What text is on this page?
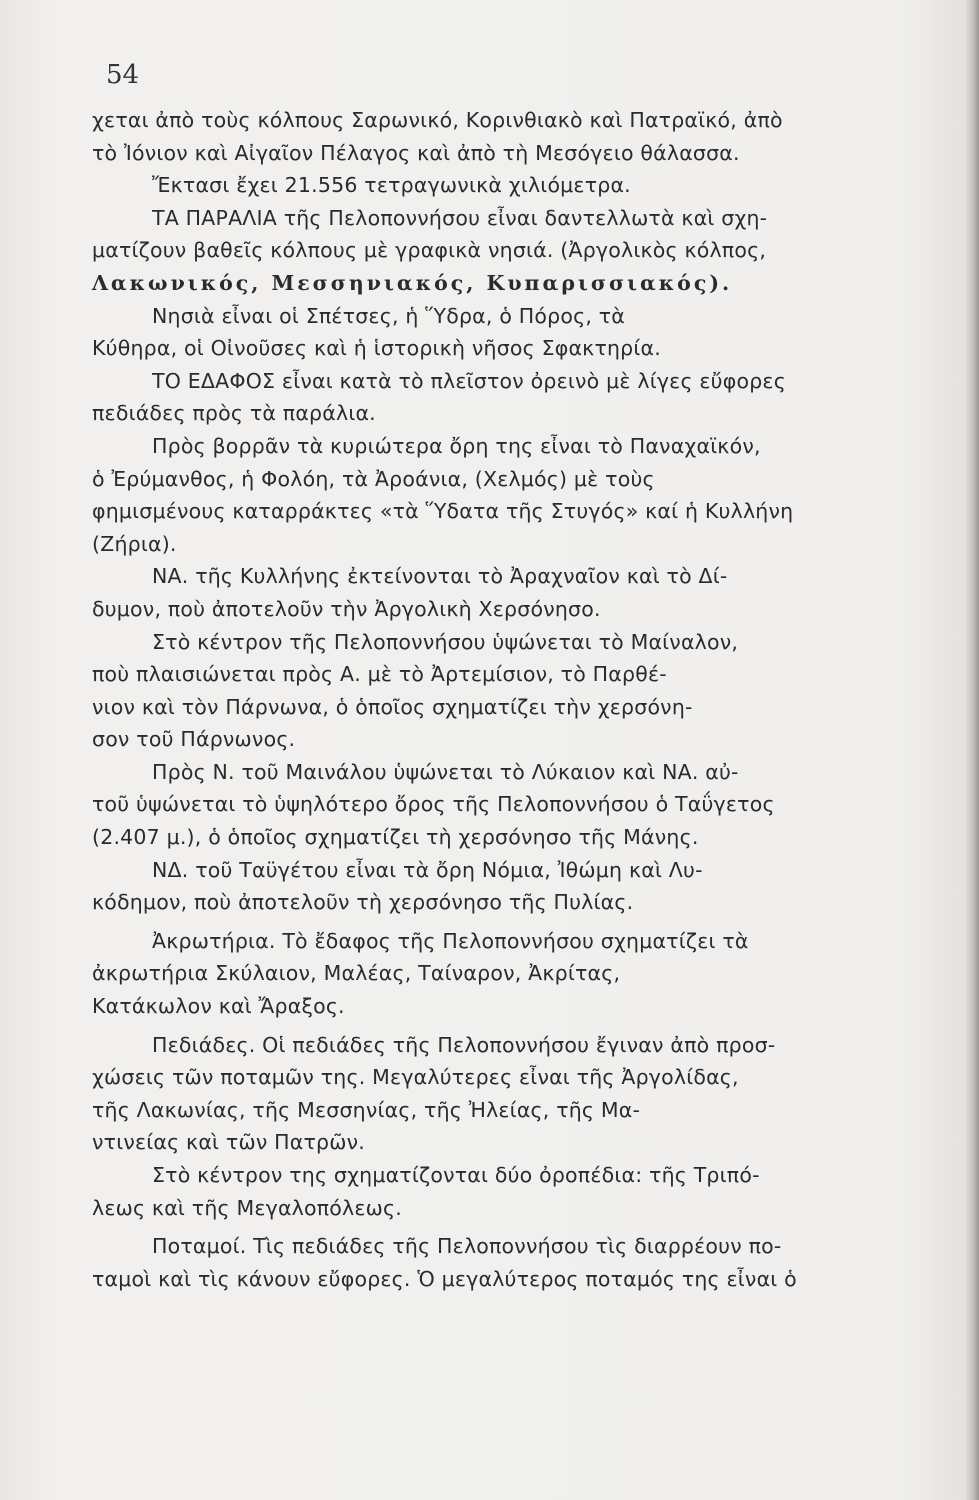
54
χεται ἀπὸ τοὺς κόλπους Σαρωνικό, Κορινθιακὸ καὶ Πατραϊκό, ἀπὸ
τὸ Ἰόνιον καὶ Αἰγαῖον Πέλαγος καὶ ἀπὸ τὴ Μεσόγειο θάλασσα.
Ἔκτασι ἔχει 21.556 τετραγωνικὰ χιλιόμετρα.
ΤΑ ΠΑΡΑΛΙΑ τῆς Πελοποννήσου εἶναι δαντελλωτὰ καὶ σχη-
ματίζουν βαθεῖς κόλπους μὲ γραφικὰ νησιά. (Ἀργολικὸς κόλπος,
Λακωνικός, Μεσσηνιακός, Κυπαρισσιακός).
Νησιὰ εἶναι οἱ Σπέτσες, ἡ Ὕδρα, ὁ Πόρος, τὰ
Κύθηρα, οἱ Οἰνοῦσες καὶ ἡ ἱστορικὴ νῆσος Σφακτηρία.
ΤΟ ΕΔΑΦΟΣ εἶναι κατὰ τὸ πλεῖστον ὀρεινὸ μὲ λίγες εὔφορες
πεδιάδες πρὸς τὰ παράλια.
Πρὸς βορρᾶν τὰ κυριώτερα ὄρη της εἶναι τὸ Παναχαϊκόν,
ὁ Ἐρύμανθος, ἡ Φολόη, τὰ Ἀροάνια, (Χελμός) μὲ τοὺς
φημισμένους καταρράκτες «τὰ Ὕδατα τῆς Στυγός» καί ἡ Κυλλήνη
(Ζήρια).
ΝΑ. τῆς Κυλλήνης ἐκτείνονται τὸ Ἀραχναῖον καὶ τὸ Δί-
δυμον, ποὺ ἀποτελοῦν τὴν Ἀργολικὴ Χερσόνησο.
Στὸ κέντρον τῆς Πελοποννήσου ὑψώνεται τὸ Μαίναλον,
ποὺ πλαισιώνεται πρὸς Α. μὲ τὸ Ἀρτεμίσιον, τὸ Παρθέ-
νιον καὶ τὸν Πάρνωνα, ὁ ὁποῖος σχηματίζει τὴν χερσόνη-
σον τοῦ Πάρνωνος.
Πρὸς Ν. τοῦ Μαινάλου ὑψώνεται τὸ Λύκαιον καὶ ΝΑ. αὐ-
τοῦ ὑψώνεται τὸ ὑψηλότερο ὄρος τῆς Πελοποννήσου ὁ Ταΰγετος
(2.407 μ.), ὁ ὁποῖος σχηματίζει τὴ χερσόνησο τῆς Μάνης.
ΝΔ. τοῦ Ταϋγέτου εἶναι τὰ ὄρη Νόμια, Ἰθώμη καὶ Λυ-
κόδημον, ποὺ ἀποτελοῦν τὴ χερσόνησο τῆς Πυλίας.
Ἀκρωτήρια. Τὸ ἔδαφος τῆς Πελοποννήσου σχηματίζει τὰ
ἀκρωτήρια Σκύλαιον, Μαλέας, Ταίναρον, Ἀκρίτας,
Κατάκωλον καὶ Ἄραξος.
Πεδιάδες. Οἱ πεδιάδες τῆς Πελοποννήσου ἔγιναν ἀπὸ προσ-
χώσεις τῶν ποταμῶν της. Μεγαλύτερες εἶναι τῆς Ἀργολίδας,
τῆς Λακωνίας, τῆς Μεσσηνίας, τῆς Ἠλείας, τῆς Μα-
ντινείας καὶ τῶν Πατρῶν.
Στὸ κέντρον της σχηματίζονται δύο ὀροπέδια: τῆς Τριπό-
λεως καὶ τῆς Μεγαλοπόλεως.
Ποταμοί. Τὶς πεδιάδες τῆς Πελοποννήσου τὶς διαρρέουν πο-
ταμοὶ καὶ τὶς κάνουν εὔφορες. Ὁ μεγαλύτερος ποταμός της εἶναι ὁ
